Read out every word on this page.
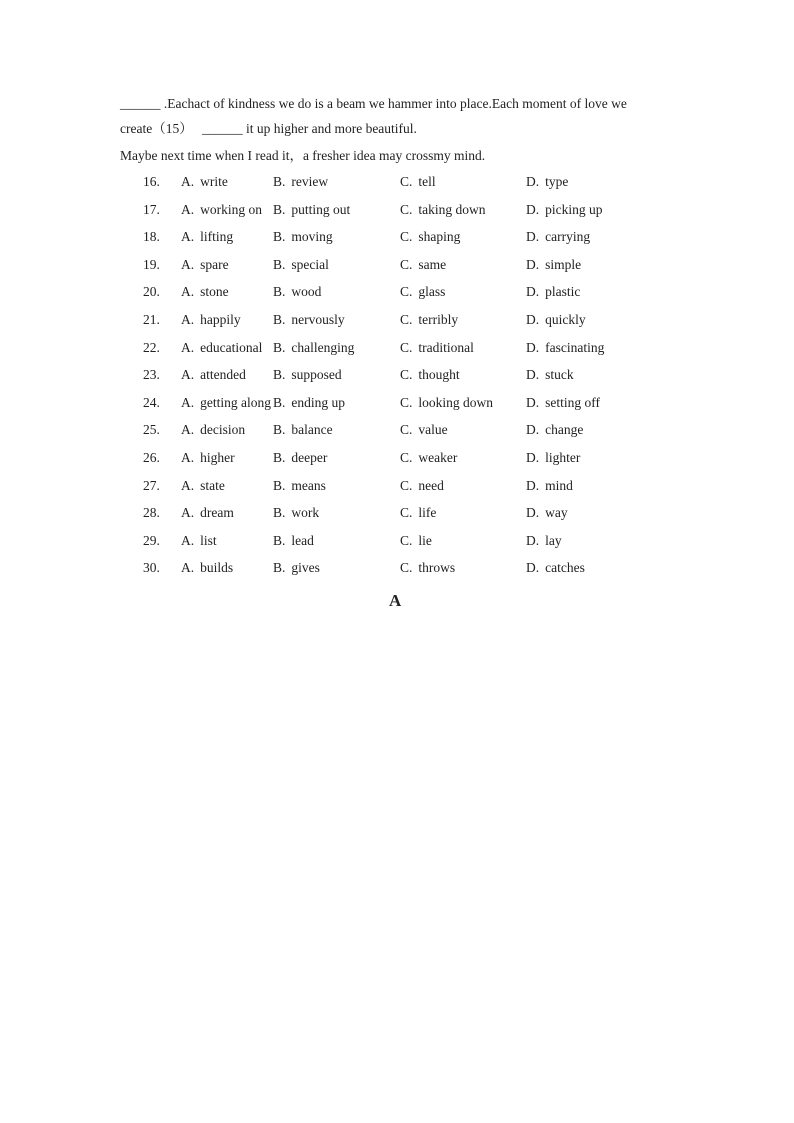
______ .Eachact of kindness we do is a beam we hammer into place.Each moment of love we
create（15） ______ it up higher and more beautiful.
Maybe next time when I read it，a fresher idea may crossmy mind.
16. A. write	B. review	C. tell	D. type
17. A. working on B. putting out	C. taking down	D. picking up
18. A. lifting	B. moving	C. shaping	D. carrying
19. A. spare	B. special	C. same	D. simple
20. A. stone	B. wood	C. glass	D. plastic
21. A. happily B. nervously	C. terribly	D. quickly
22. A. educational B. challenging	C. traditional	D. fascinating
23. A. attended B. supposed	C. thought	D. stuck
24. A. getting along B. ending up	C. looking down D. setting off
25. A. decision B. balance	C. value	D. change
26. A. higher	B. deeper	C. weaker	D. lighter
27. A. state	B. means	C. need	D. mind
28. A. dream	B. work	C. life	D. way
29. A. list	B. lead	C. lie	D. lay
30. A. builds	B. gives	C. throws	D. catches
A
